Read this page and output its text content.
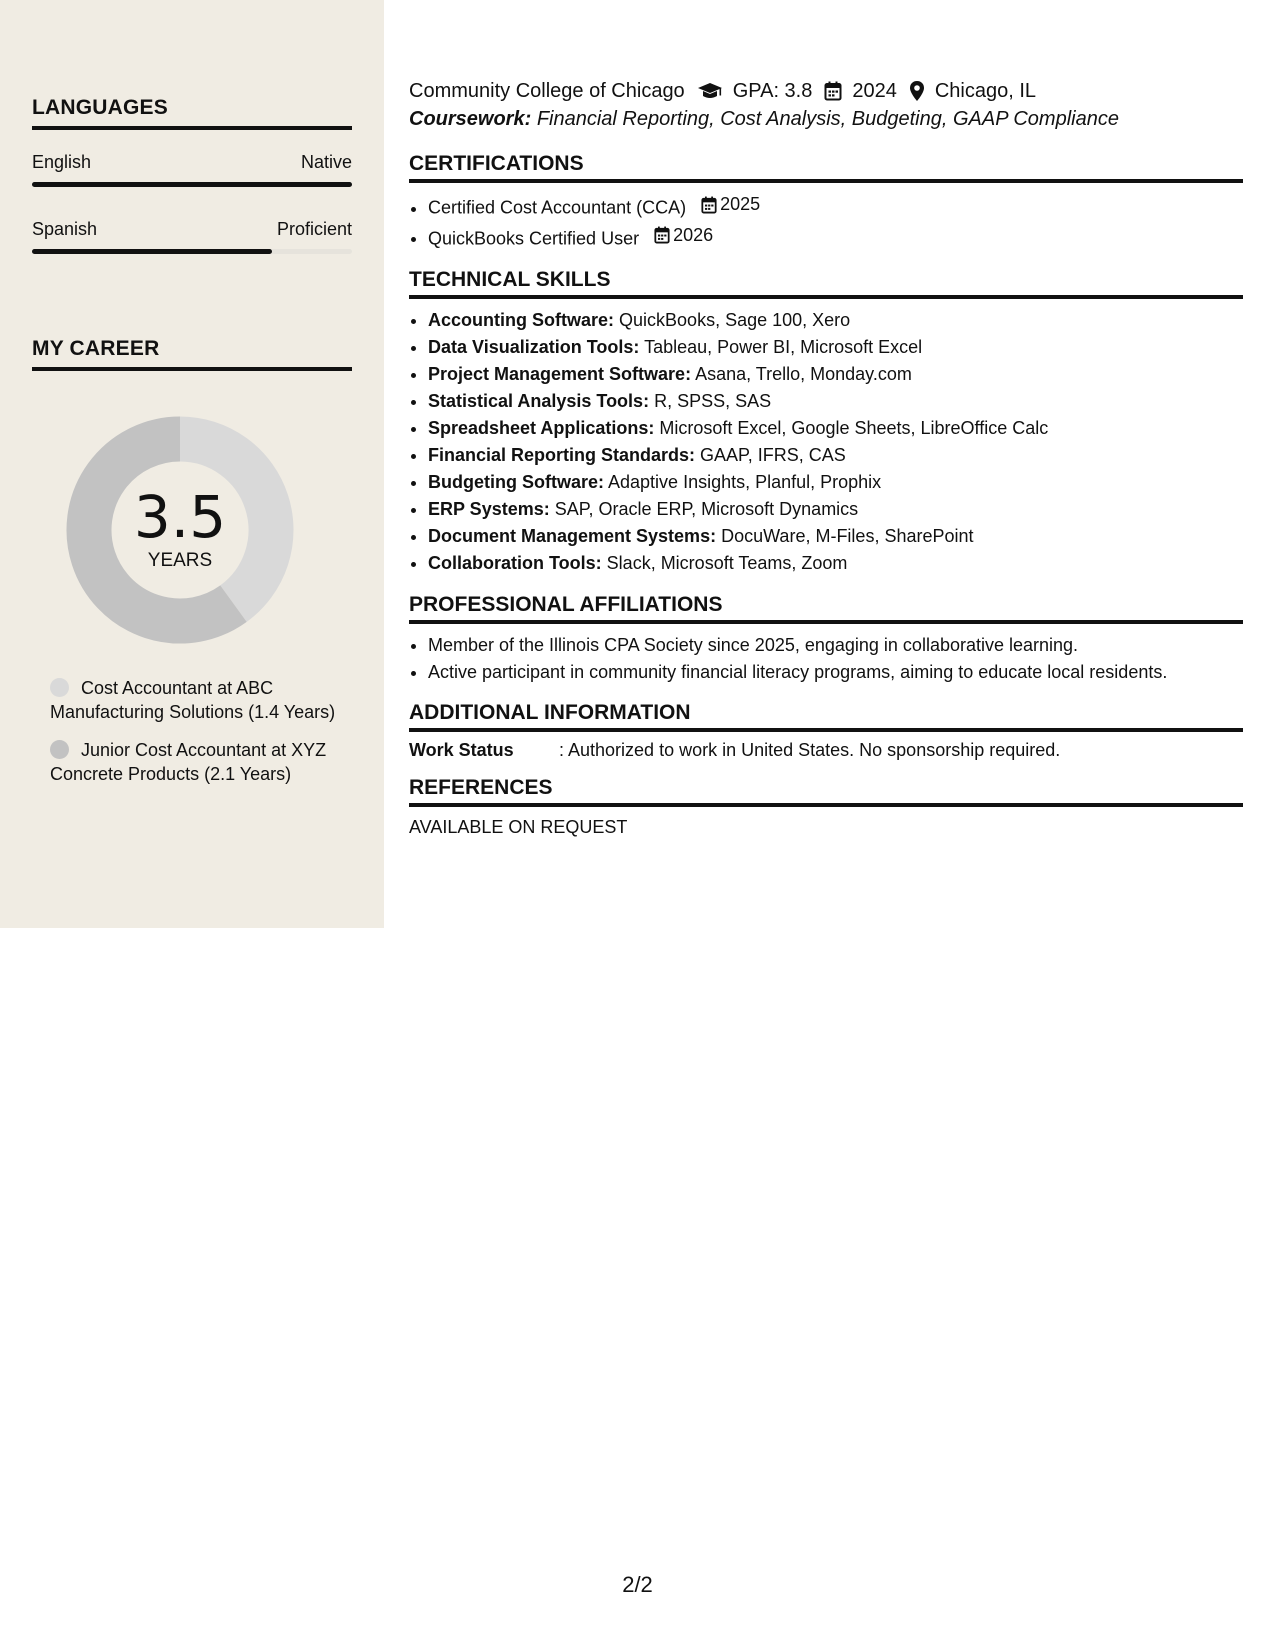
LANGUAGES
English	Native
Spanish	Proficient
MY CAREER
3.5
YEARS
Cost Accountant at ABC Manufacturing Solutions (1.4 Years)
Junior Cost Accountant at XYZ Concrete Products (2.1 Years)
Community College of Chicago GPA: 3.8 2024 Chicago, IL
Coursework: Financial Reporting, Cost Analysis, Budgeting, GAAP Compliance
CERTIFICATIONS
• Certified Cost Accountant (CCA) 2025
• QuickBooks Certified User 2026
TECHNICAL SKILLS
• Accounting Software: QuickBooks, Sage 100, Xero
• Data Visualization Tools: Tableau, Power BI, Microsoft Excel
• Project Management Software: Asana, Trello, Monday.com
• Statistical Analysis Tools: R, SPSS, SAS
• Spreadsheet Applications: Microsoft Excel, Google Sheets, LibreOffice Calc
• Financial Reporting Standards: GAAP, IFRS, CAS
• Budgeting Software: Adaptive Insights, Planful, Prophix
• ERP Systems: SAP, Oracle ERP, Microsoft Dynamics
• Document Management Systems: DocuWare, M-Files, SharePoint
• Collaboration Tools: Slack, Microsoft Teams, Zoom
PROFESSIONAL AFFILIATIONS
• Member of the Illinois CPA Society since 2025, engaging in collaborative learning.
• Active participant in community financial literacy programs, aiming to educate local residents.
ADDITIONAL INFORMATION
Work Status	: Authorized to work in United States. No sponsorship required.
REFERENCES
AVAILABLE ON REQUEST
2/2
